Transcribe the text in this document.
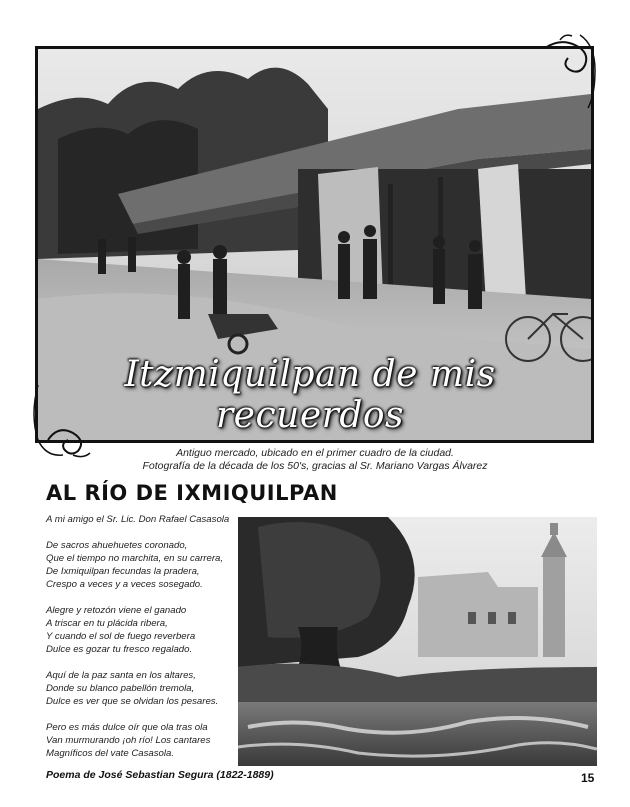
Itzmiquilpan de mis recuerdos
Antiguo mercado, ubicado en el primer cuadro de la ciudad.
Fotografía de la década de los 50's, gracias al Sr. Mariano Vargas Álvarez
AL RÍO DE IXMIQUILPAN

A mi amigo el Sr. Lic. Don Rafael Casasola

De sacros ahuehuetes coronado,
Que el tiempo no marchita, en su carrera,
De Ixmiquilpan fecundas la pradera,
Crespo a veces y a veces sosegado.

Alegre y retozón viene el ganado
A triscar en tu plácida ribera,
Y cuando el sol de fuego reverbera
Dulce es gozar tu fresco regalado.

Aquí de la paz santa en los altares,
Donde su blanco pabellón tremola,
Dulce es ver que se olvidan los pesares.

Pero es más dulce oír que ola tras ola
Van murmurando ¡oh río! Los cantares
Magníficos del vate Casasola.

Poema de José Sebastian Segura (1822-1889)	15
